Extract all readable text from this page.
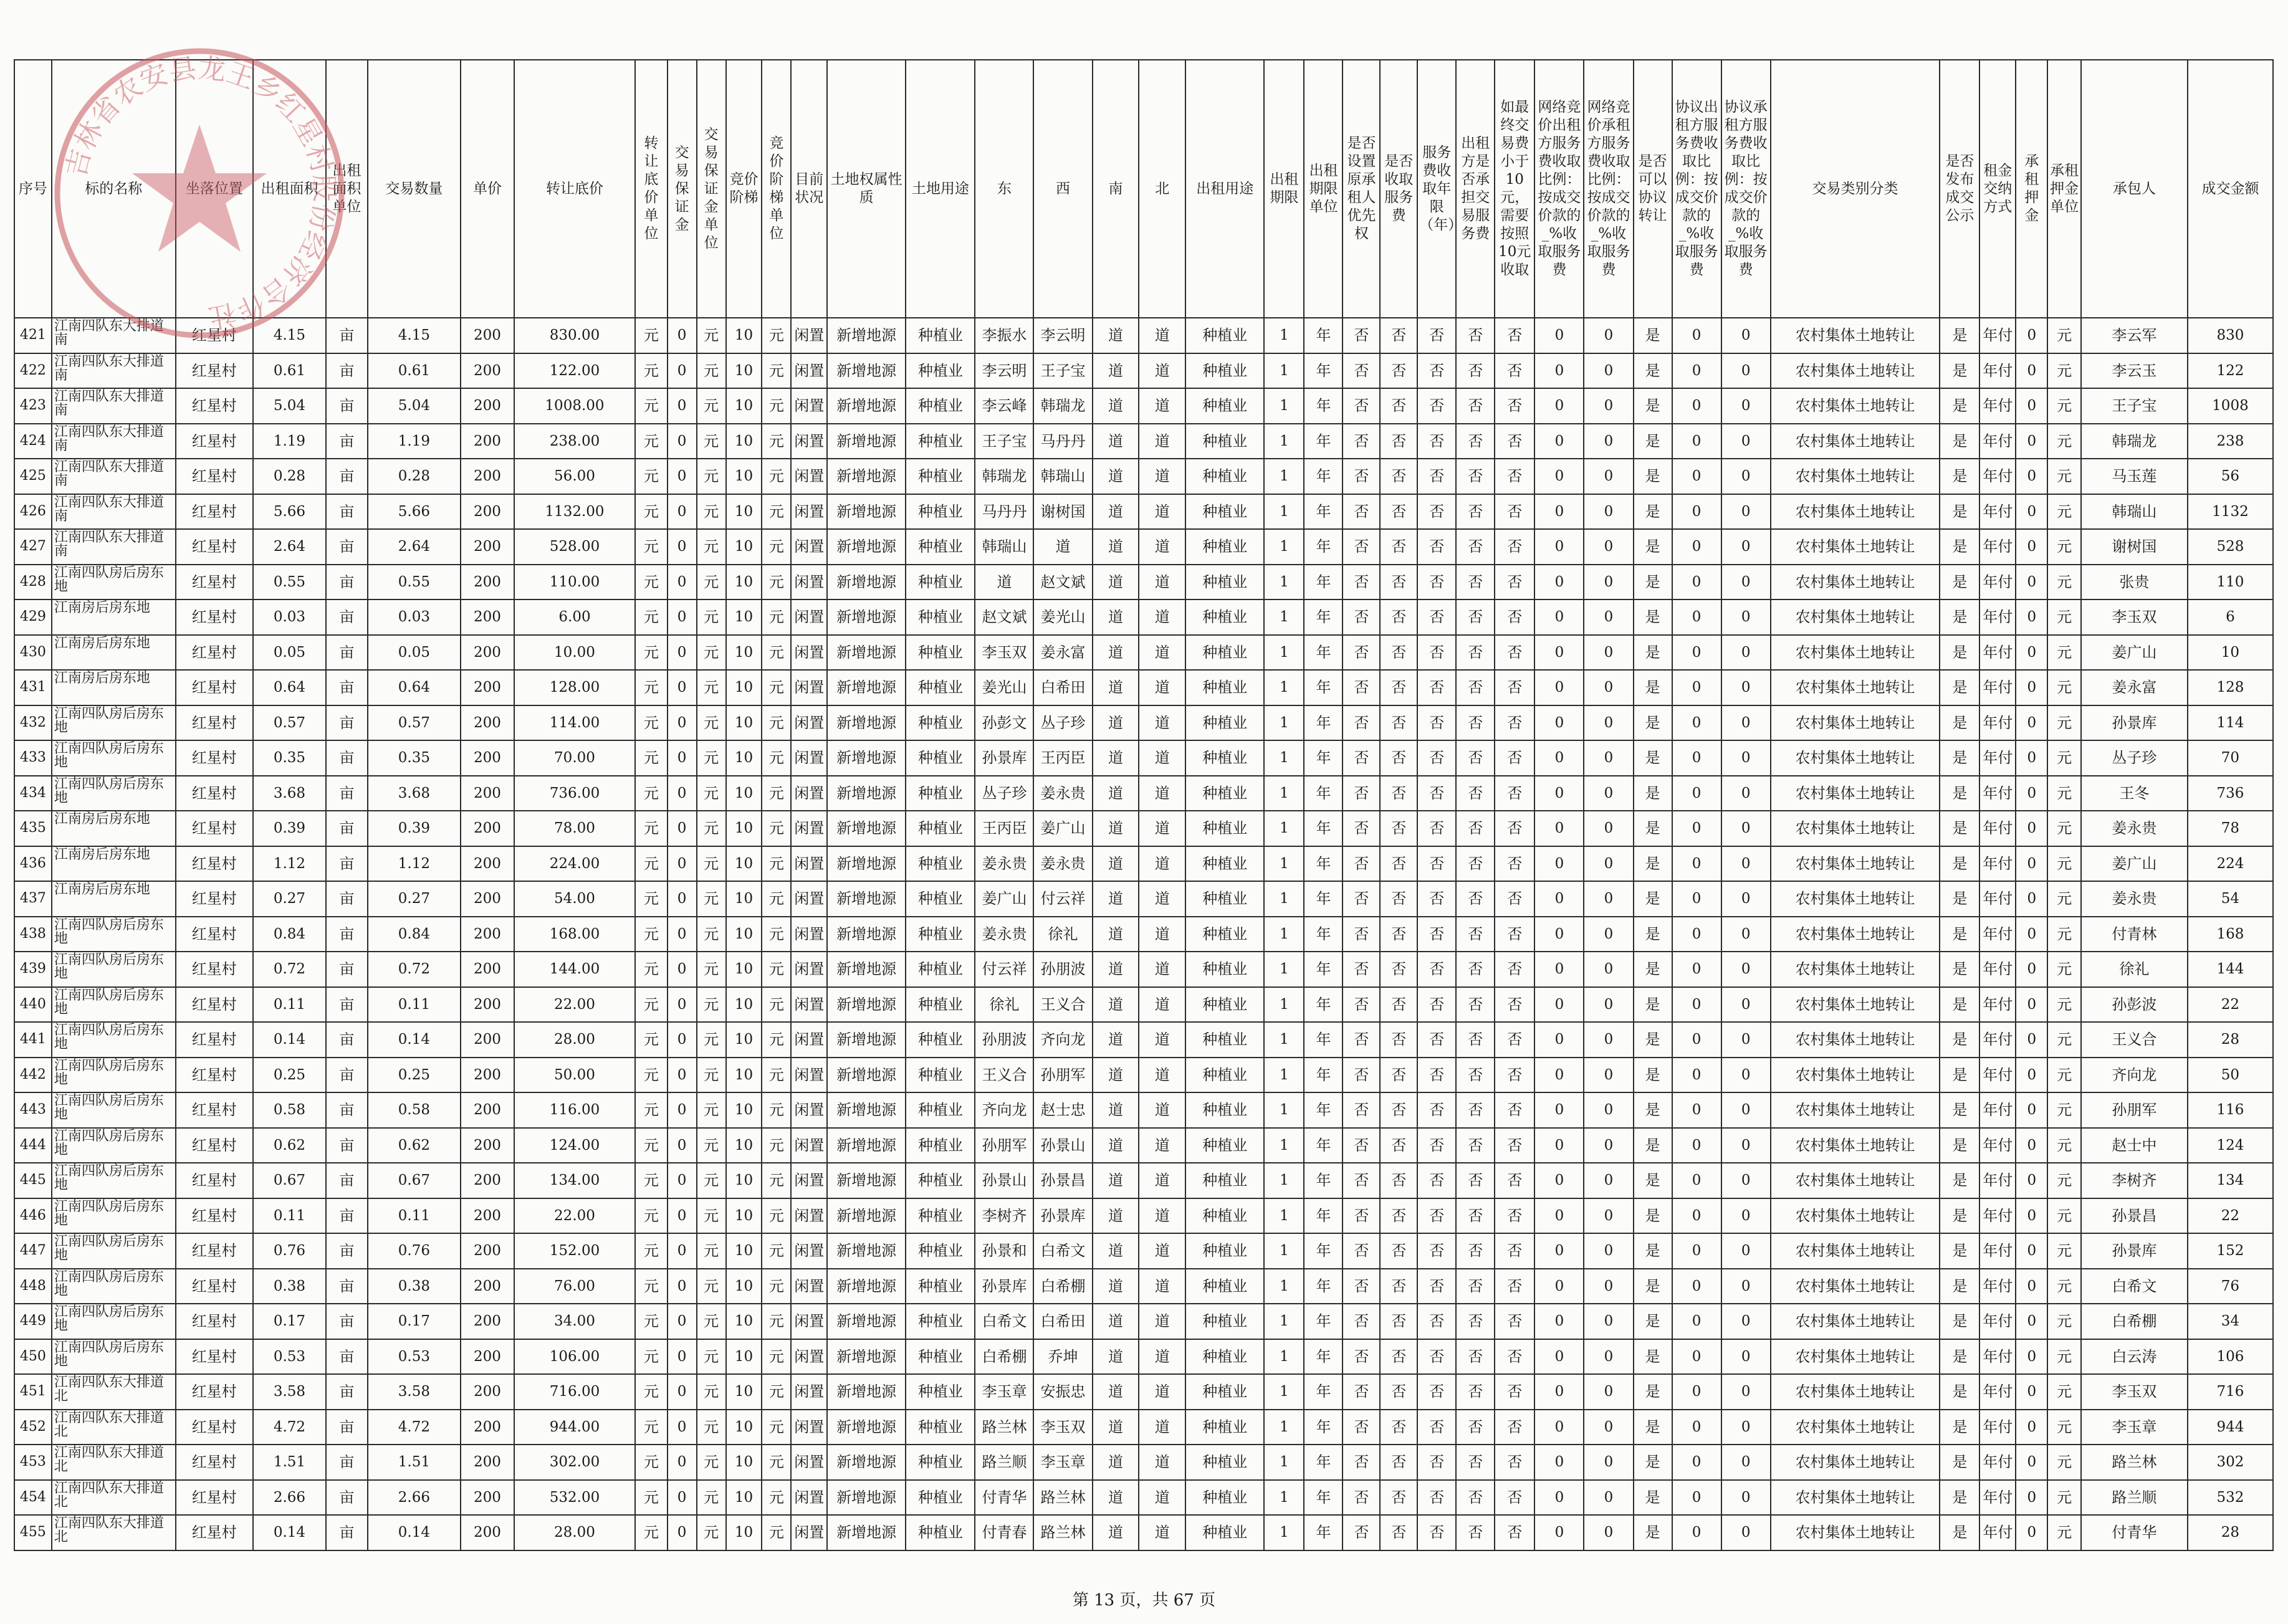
序号	标的名称	坐落位置	出租面积	出租面积单位	交易数量	单价	转让底价	转让底价单位	交易保证金	交易保证金单位	竞价阶梯	竞价阶梯单位	目前状况	土地权属性质	土地用途	东	西	南	北	出租用途	出租期限	出租期限单位	是否设置原承租人优先权	是否收取服务费	服务费收取年限（年）	出租方是否承担交易服务费	如最终交易费小于10元，需要按照10元收取	网络竞价出租方服务费收取比例：按成交价款的_%收取服务费	网络竞价承租方服务费收取比例：按成交价款的_%收取服务费	是否可以协议转让	协议出租方服务费收取比例：按成交价款的_%收取服务费	协议承租方服务费收取比例：按成交价款的_%收取服务费	交易类别分类	是否发布成交公示	租金交纳方式	承租押金	承租押金单位	承包人	成交金额
421	江南四队东大排道南	红星村	4.15	亩	4.15	200	830.00	元	0	元	10	元	闲置	新增地源	种植业	李振水	李云明	道	道	种植业	1	年	否	否	否	否	否	0	0	是	0	0	农村集体土地转让	是	年付	0	元	李云军	830
422	江南四队东大排道南	红星村	0.61	亩	0.61	200	122.00	元	0	元	10	元	闲置	新增地源	种植业	李云明	王子宝	道	道	种植业	1	年	否	否	否	否	否	0	0	是	0	0	农村集体土地转让	是	年付	0	元	李云玉	122
423	江南四队东大排道南	红星村	5.04	亩	5.04	200	1008.00	元	0	元	10	元	闲置	新增地源	种植业	李云峰	韩瑞龙	道	道	种植业	1	年	否	否	否	否	否	0	0	是	0	0	农村集体土地转让	是	年付	0	元	王子宝	1008
424	江南四队东大排道南	红星村	1.19	亩	1.19	200	238.00	元	0	元	10	元	闲置	新增地源	种植业	王子宝	马丹丹	道	道	种植业	1	年	否	否	否	否	否	0	0	是	0	0	农村集体土地转让	是	年付	0	元	韩瑞龙	238
425	江南四队东大排道南	红星村	0.28	亩	0.28	200	56.00	元	0	元	10	元	闲置	新增地源	种植业	韩瑞龙	韩瑞山	道	道	种植业	1	年	否	否	否	否	否	0	0	是	0	0	农村集体土地转让	是	年付	0	元	马玉莲	56
426	江南四队东大排道南	红星村	5.66	亩	5.66	200	1132.00	元	0	元	10	元	闲置	新增地源	种植业	马丹丹	谢树国	道	道	种植业	1	年	否	否	否	否	否	0	0	是	0	0	农村集体土地转让	是	年付	0	元	韩瑞山	1132
427	江南四队东大排道南	红星村	2.64	亩	2.64	200	528.00	元	0	元	10	元	闲置	新增地源	种植业	韩瑞山	道	道	道	种植业	1	年	否	否	否	否	否	0	0	是	0	0	农村集体土地转让	是	年付	0	元	谢树国	528
428	江南四队房后房东地	红星村	0.55	亩	0.55	200	110.00	元	0	元	10	元	闲置	新增地源	种植业	道	赵文斌	道	道	种植业	1	年	否	否	否	否	否	0	0	是	0	0	农村集体土地转让	是	年付	0	元	张贵	110
429	江南房后房东地	红星村	0.03	亩	0.03	200	6.00	元	0	元	10	元	闲置	新增地源	种植业	赵文斌	姜光山	道	道	种植业	1	年	否	否	否	否	否	0	0	是	0	0	农村集体土地转让	是	年付	0	元	李玉双	6
430	江南房后房东地	红星村	0.05	亩	0.05	200	10.00	元	0	元	10	元	闲置	新增地源	种植业	李玉双	姜永富	道	道	种植业	1	年	否	否	否	否	否	0	0	是	0	0	农村集体土地转让	是	年付	0	元	姜广山	10
431	江南房后房东地	红星村	0.64	亩	0.64	200	128.00	元	0	元	10	元	闲置	新增地源	种植业	姜光山	白希田	道	道	种植业	1	年	否	否	否	否	否	0	0	是	0	0	农村集体土地转让	是	年付	0	元	姜永富	128
432	江南四队房后房东地	红星村	0.57	亩	0.57	200	114.00	元	0	元	10	元	闲置	新增地源	种植业	孙彭文	丛子珍	道	道	种植业	1	年	否	否	否	否	否	0	0	是	0	0	农村集体土地转让	是	年付	0	元	孙景库	114
433	江南四队房后房东地	红星村	0.35	亩	0.35	200	70.00	元	0	元	10	元	闲置	新增地源	种植业	孙景库	王丙臣	道	道	种植业	1	年	否	否	否	否	否	0	0	是	0	0	农村集体土地转让	是	年付	0	元	丛子珍	70
434	江南四队房后房东地	红星村	3.68	亩	3.68	200	736.00	元	0	元	10	元	闲置	新增地源	种植业	丛子珍	姜永贵	道	道	种植业	1	年	否	否	否	否	否	0	0	是	0	0	农村集体土地转让	是	年付	0	元	王冬	736
435	江南房后房东地	红星村	0.39	亩	0.39	200	78.00	元	0	元	10	元	闲置	新增地源	种植业	王丙臣	姜广山	道	道	种植业	1	年	否	否	否	否	否	0	0	是	0	0	农村集体土地转让	是	年付	0	元	姜永贵	78
436	江南房后房东地	红星村	1.12	亩	1.12	200	224.00	元	0	元	10	元	闲置	新增地源	种植业	姜永贵	姜永贵	道	道	种植业	1	年	否	否	否	否	否	0	0	是	0	0	农村集体土地转让	是	年付	0	元	姜广山	224
437	江南房后房东地	红星村	0.27	亩	0.27	200	54.00	元	0	元	10	元	闲置	新增地源	种植业	姜广山	付云祥	道	道	种植业	1	年	否	否	否	否	否	0	0	是	0	0	农村集体土地转让	是	年付	0	元	姜永贵	54
438	江南四队房后房东地	红星村	0.84	亩	0.84	200	168.00	元	0	元	10	元	闲置	新增地源	种植业	姜永贵	徐礼	道	道	种植业	1	年	否	否	否	否	否	0	0	是	0	0	农村集体土地转让	是	年付	0	元	付青林	168
439	江南四队房后房东地	红星村	0.72	亩	0.72	200	144.00	元	0	元	10	元	闲置	新增地源	种植业	付云祥	孙朋波	道	道	种植业	1	年	否	否	否	否	否	0	0	是	0	0	农村集体土地转让	是	年付	0	元	徐礼	144
440	江南四队房后房东地	红星村	0.11	亩	0.11	200	22.00	元	0	元	10	元	闲置	新增地源	种植业	徐礼	王义合	道	道	种植业	1	年	否	否	否	否	否	0	0	是	0	0	农村集体土地转让	是	年付	0	元	孙彭波	22
441	江南四队房后房东地	红星村	0.14	亩	0.14	200	28.00	元	0	元	10	元	闲置	新增地源	种植业	孙朋波	齐向龙	道	道	种植业	1	年	否	否	否	否	否	0	0	是	0	0	农村集体土地转让	是	年付	0	元	王义合	28
442	江南四队房后房东地	红星村	0.25	亩	0.25	200	50.00	元	0	元	10	元	闲置	新增地源	种植业	王义合	孙朋军	道	道	种植业	1	年	否	否	否	否	否	0	0	是	0	0	农村集体土地转让	是	年付	0	元	齐向龙	50
443	江南四队房后房东地	红星村	0.58	亩	0.58	200	116.00	元	0	元	10	元	闲置	新增地源	种植业	齐向龙	赵士忠	道	道	种植业	1	年	否	否	否	否	否	0	0	是	0	0	农村集体土地转让	是	年付	0	元	孙朋军	116
444	江南四队房后房东地	红星村	0.62	亩	0.62	200	124.00	元	0	元	10	元	闲置	新增地源	种植业	孙朋军	孙景山	道	道	种植业	1	年	否	否	否	否	否	0	0	是	0	0	农村集体土地转让	是	年付	0	元	赵士中	124
445	江南四队房后房东地	红星村	0.67	亩	0.67	200	134.00	元	0	元	10	元	闲置	新增地源	种植业	孙景山	孙景昌	道	道	种植业	1	年	否	否	否	否	否	0	0	是	0	0	农村集体土地转让	是	年付	0	元	李树齐	134
446	江南四队房后房东地	红星村	0.11	亩	0.11	200	22.00	元	0	元	10	元	闲置	新增地源	种植业	李树齐	孙景库	道	道	种植业	1	年	否	否	否	否	否	0	0	是	0	0	农村集体土地转让	是	年付	0	元	孙景昌	22
447	江南四队房后房东地	红星村	0.76	亩	0.76	200	152.00	元	0	元	10	元	闲置	新增地源	种植业	孙景和	白希文	道	道	种植业	1	年	否	否	否	否	否	0	0	是	0	0	农村集体土地转让	是	年付	0	元	孙景库	152
448	江南四队房后房东地	红星村	0.38	亩	0.38	200	76.00	元	0	元	10	元	闲置	新增地源	种植业	孙景库	白希棚	道	道	种植业	1	年	否	否	否	否	否	0	0	是	0	0	农村集体土地转让	是	年付	0	元	白希文	76
449	江南四队房后房东地	红星村	0.17	亩	0.17	200	34.00	元	0	元	10	元	闲置	新增地源	种植业	白希文	白希田	道	道	种植业	1	年	否	否	否	否	否	0	0	是	0	0	农村集体土地转让	是	年付	0	元	白希棚	34
450	江南四队房后房东地	红星村	0.53	亩	0.53	200	106.00	元	0	元	10	元	闲置	新增地源	种植业	白希棚	乔坤	道	道	种植业	1	年	否	否	否	否	否	0	0	是	0	0	农村集体土地转让	是	年付	0	元	白云涛	106
451	江南四队东大排道北	红星村	3.58	亩	3.58	200	716.00	元	0	元	10	元	闲置	新增地源	种植业	李玉章	安振忠	道	道	种植业	1	年	否	否	否	否	否	0	0	是	0	0	农村集体土地转让	是	年付	0	元	李玉双	716
452	江南四队东大排道北	红星村	4.72	亩	4.72	200	944.00	元	0	元	10	元	闲置	新增地源	种植业	路兰林	李玉双	道	道	种植业	1	年	否	否	否	否	否	0	0	是	0	0	农村集体土地转让	是	年付	0	元	李玉章	944
453	江南四队东大排道北	红星村	1.51	亩	1.51	200	302.00	元	0	元	10	元	闲置	新增地源	种植业	路兰顺	李玉章	道	道	种植业	1	年	否	否	否	否	否	0	0	是	0	0	农村集体土地转让	是	年付	0	元	路兰林	302
454	江南四队东大排道北	红星村	2.66	亩	2.66	200	532.00	元	0	元	10	元	闲置	新增地源	种植业	付青华	路兰林	道	道	种植业	1	年	否	否	否	否	否	0	0	是	0	0	农村集体土地转让	是	年付	0	元	路兰顺	532
455	江南四队东大排道北	红星村	0.14	亩	0.14	200	28.00	元	0	元	10	元	闲置	新增地源	种植业	付青春	路兰林	道	道	种植业	1	年	否	否	否	否	否	0	0	是	0	0	农村集体土地转让	是	年付	0	元	付青华	28
吉林省农安县龙王乡红星村股份经济合作社
第 13 页，共 67 页
